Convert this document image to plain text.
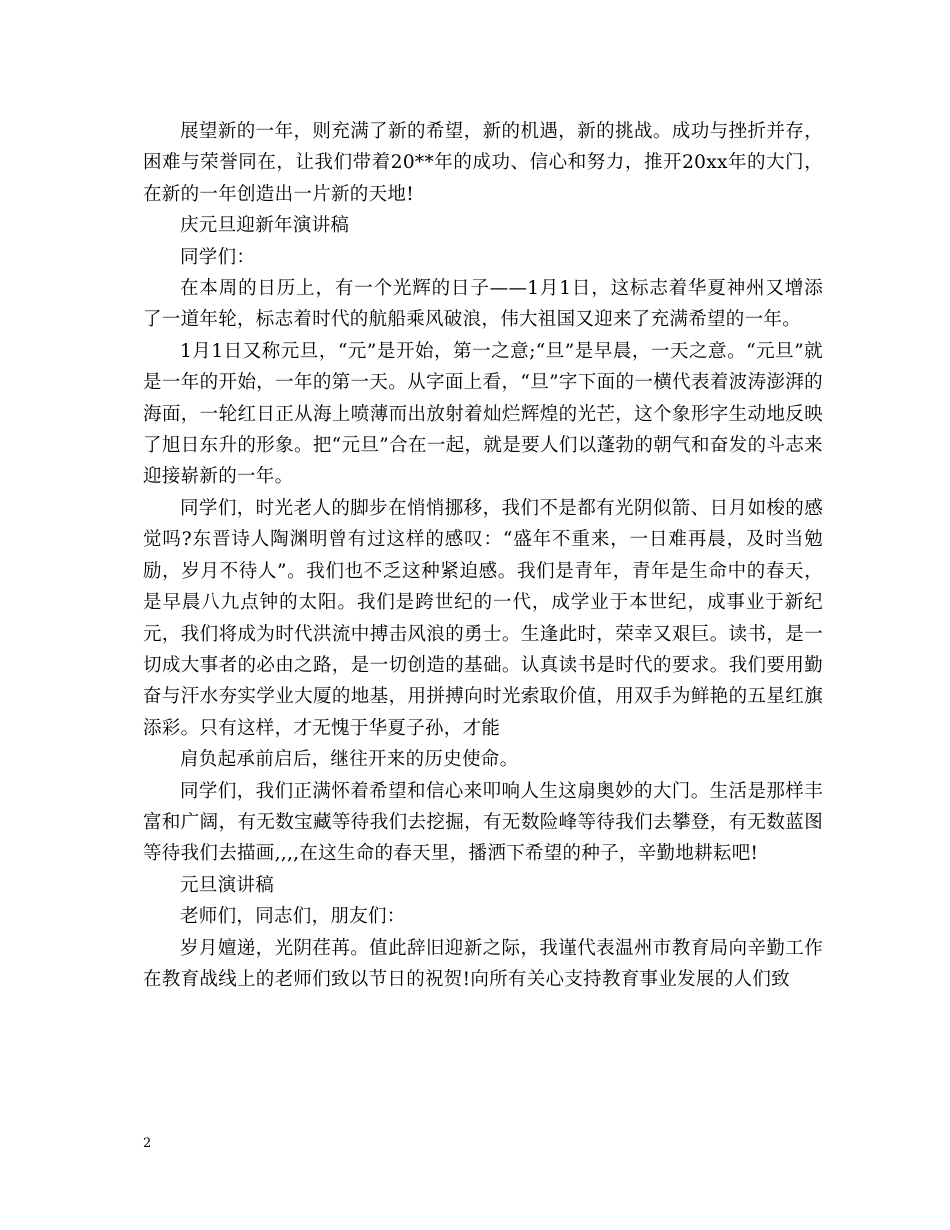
展望新的一年，则充满了新的希望，新的机遇，新的挑战。成功与挫折并存，困难与荣誉同在，让我们带着20**年的成功、信心和努力，推开20xx年的大门，在新的一年创造出一片新的天地!

庆元旦迎新年演讲稿

同学们：

在本周的日历上，有一个光辉的日子——1月1日，这标志着华夏神州又增添了一道年轮，标志着时代的航船乘风破浪，伟大祖国又迎来了充满希望的一年。

1月1日又称元旦，“元”是开始，第一之意;“旦”是早晨，一天之意。“元旦”就是一年的开始，一年的第一天。从字面上看，“旦”字下面的一横代表着波涛澎湃的海面，一轮红日正从海上喷薄而出放射着灿烂辉煌的光芒，这个象形字生动地反映了旭日东升的形象。把“元旦”合在一起，就是要人们以蓬勃的朝气和奋发的斗志来迎接崭新的一年。

同学们，时光老人的脚步在悄悄挪移，我们不是都有光阴似箭、日月如梭的感觉吗?东晋诗人陶渊明曾有过这样的感叹：“盛年不重来，一日难再晨，及时当勉励，岁月不待人”。我们也不乏这种紧迫感。我们是青年，青年是生命中的春天，是早晨八九点钟的太阳。我们是跨世纪的一代，成学业于本世纪，成事业于新纪元，我们将成为时代洪流中搏击风浪的勇士。生逢此时，荣幸又艰巨。读书，是一切成大事者的必由之路，是一切创造的基础。认真读书是时代的要求。我们要用勤奋与汗水夯实学业大厦的地基，用拼搏向时光索取价值，用双手为鲜艳的五星红旗添彩。只有这样，才无愧于华夏子孙，才能

肩负起承前启后，继往开来的历史使命。

同学们，我们正满怀着希望和信心来叩响人生这扇奥妙的大门。生活是那样丰富和广阔，有无数宝藏等待我们去挖掘，有无数险峰等待我们去攀登，有无数蓝图等待我们去描画,,,,在这生命的春天里，播洒下希望的种子，辛勤地耕耘吧!

元旦演讲稿

老师们，同志们，朋友们：

岁月嬗递，光阴荏苒。值此辞旧迎新之际，我谨代表温州市教育局向辛勤工作在教育战线上的老师们致以节日的祝贺!向所有关心支持教育事业发展的人们致

2
